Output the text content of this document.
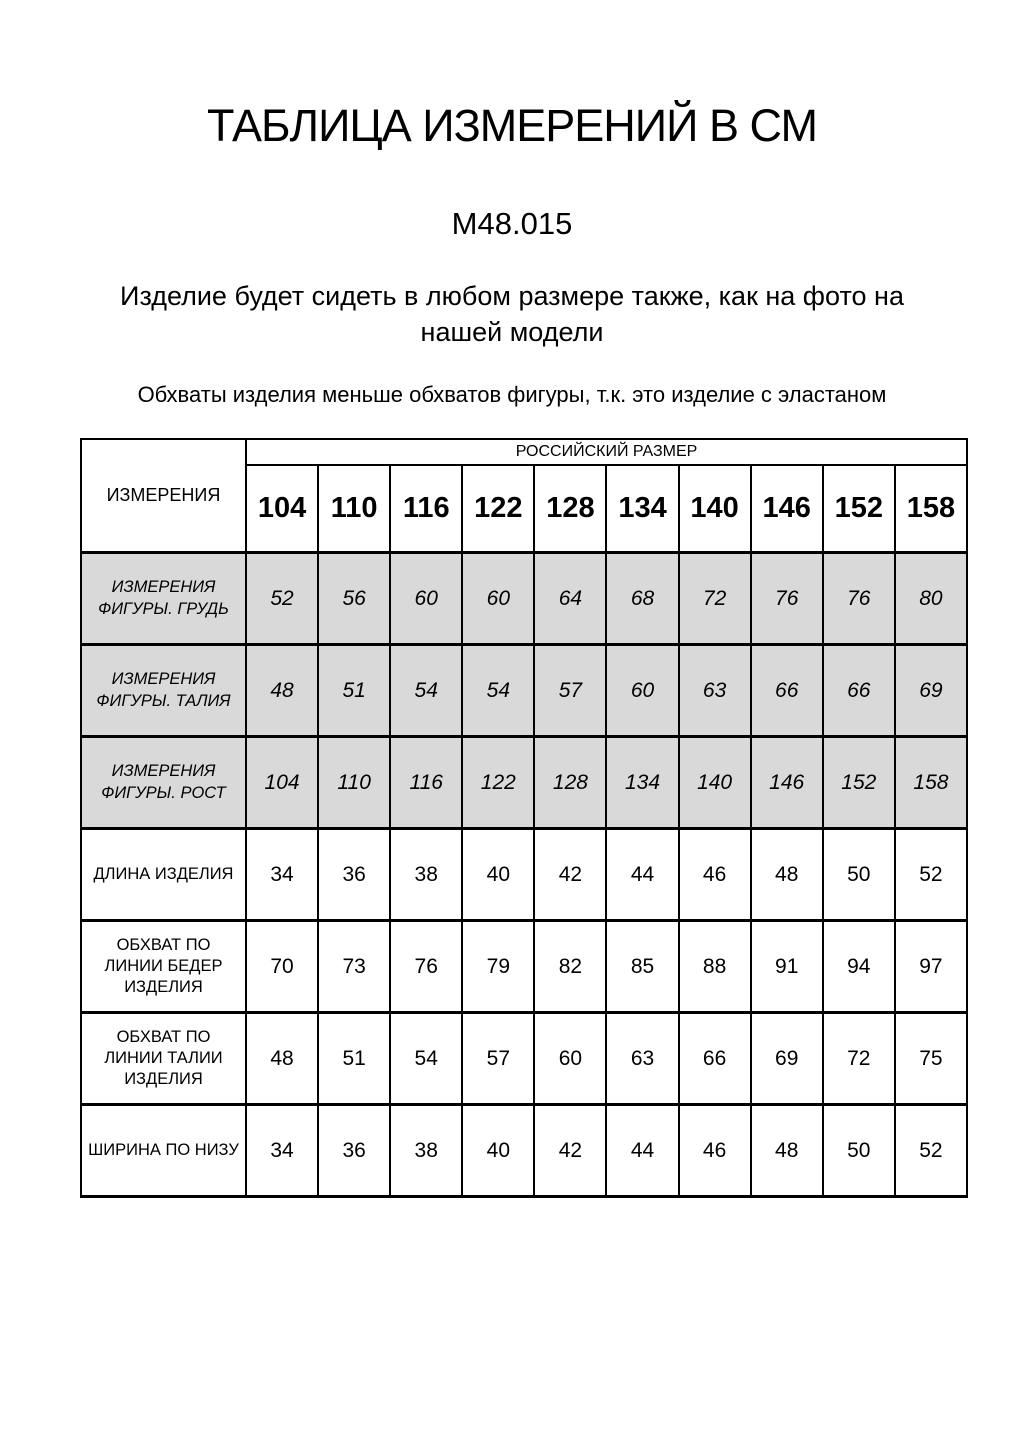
ТАБЛИЦА ИЗМЕРЕНИЙ В СМ
М48.015

Изделие будет сидеть в любом размере также, как на фото на нашей модели

Обхваты изделия меньше обхватов фигуры, т.к. это изделие с эластаном

ИЗМЕРЕНИЯ	РОССИЙСКИЙ РАЗМЕР									
	104	110	116	122	128	134	140	146	152	158
ИЗМЕРЕНИЯ ФИГУРЫ. ГРУДЬ	52	56	60	60	64	68	72	76	76	80
ИЗМЕРЕНИЯ ФИГУРЫ. ТАЛИЯ	48	51	54	54	57	60	63	66	66	69
ИЗМЕРЕНИЯ ФИГУРЫ. РОСТ	104	110	116	122	128	134	140	146	152	158
ДЛИНА ИЗДЕЛИЯ	34	36	38	40	42	44	46	48	50	52
ОБХВАТ ПО ЛИНИИ БЕДЕР ИЗДЕЛИЯ	70	73	76	79	82	85	88	91	94	97
ОБХВАТ ПО ЛИНИИ ТАЛИИ ИЗДЕЛИЯ	48	51	54	57	60	63	66	69	72	75
ШИРИНА ПО НИЗУ	34	36	38	40	42	44	46	48	50	52
